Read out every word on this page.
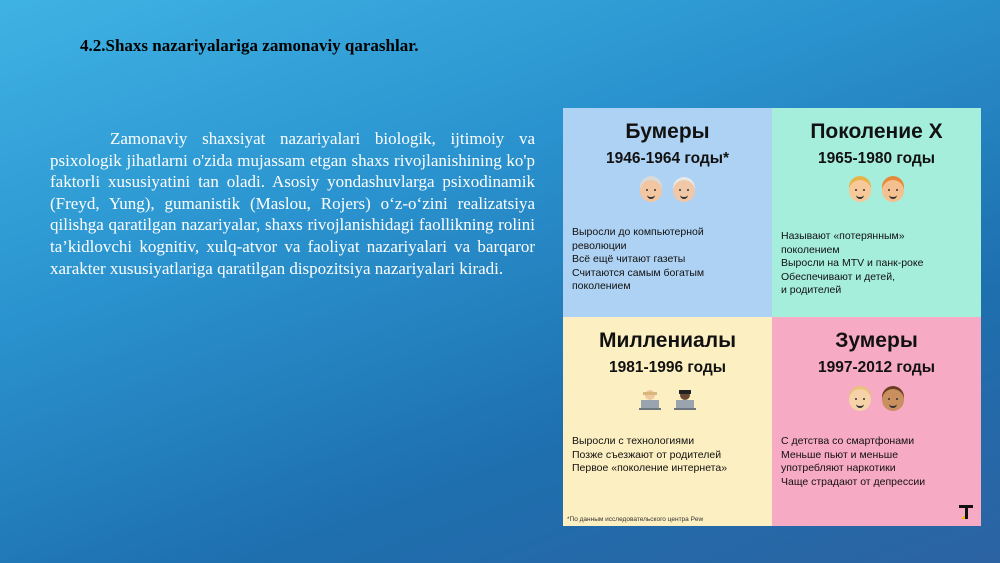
4.2.Shaxs nazariyalariga zamonaviy qarashlar.
Zamonaviy shaxsiyat nazariyalari biologik, ijtimoiy va psixologik jihatlarni o'zida mujassam etgan shaxs rivojlanishining ko'p faktorli xususiyatini tan oladi. Asosiy yondashuvlarga psixodinamik (Freyd, Yung), gumanistik (Maslou, Rojers) o‘z-o‘zini realizatsiya qilishga qaratilgan nazariyalar, shaxs rivojlanishidagi faollikning rolini ta’kidlovchi kognitiv, xulq-atvor va faoliyat nazariyalari va barqaror xarakter xususiyatlariga qaratilgan dispozitsiya nazariyalari kiradi.
Бумеры
1946-1964 годы*

Выросли до компьютерной
революции
Всё ещё читают газеты
Считаются самым богатым
поколением
Поколение Х
1965-1980 годы

Называют «потерянным»
поколением
Выросли на MTV и панк-роке
Обеспечивают и детей,
и родителей
Миллениалы
1981-1996 годы

Выросли с технологиями
Позже съезжают от родителей
Первое «поколение интернета»
*По данным исследовательского центра Pew
Зумеры
1997-2012 годы

С детства со смартфонами
Меньше пьют и меньше
употребляют наркотики
Чаще страдают от депрессии
